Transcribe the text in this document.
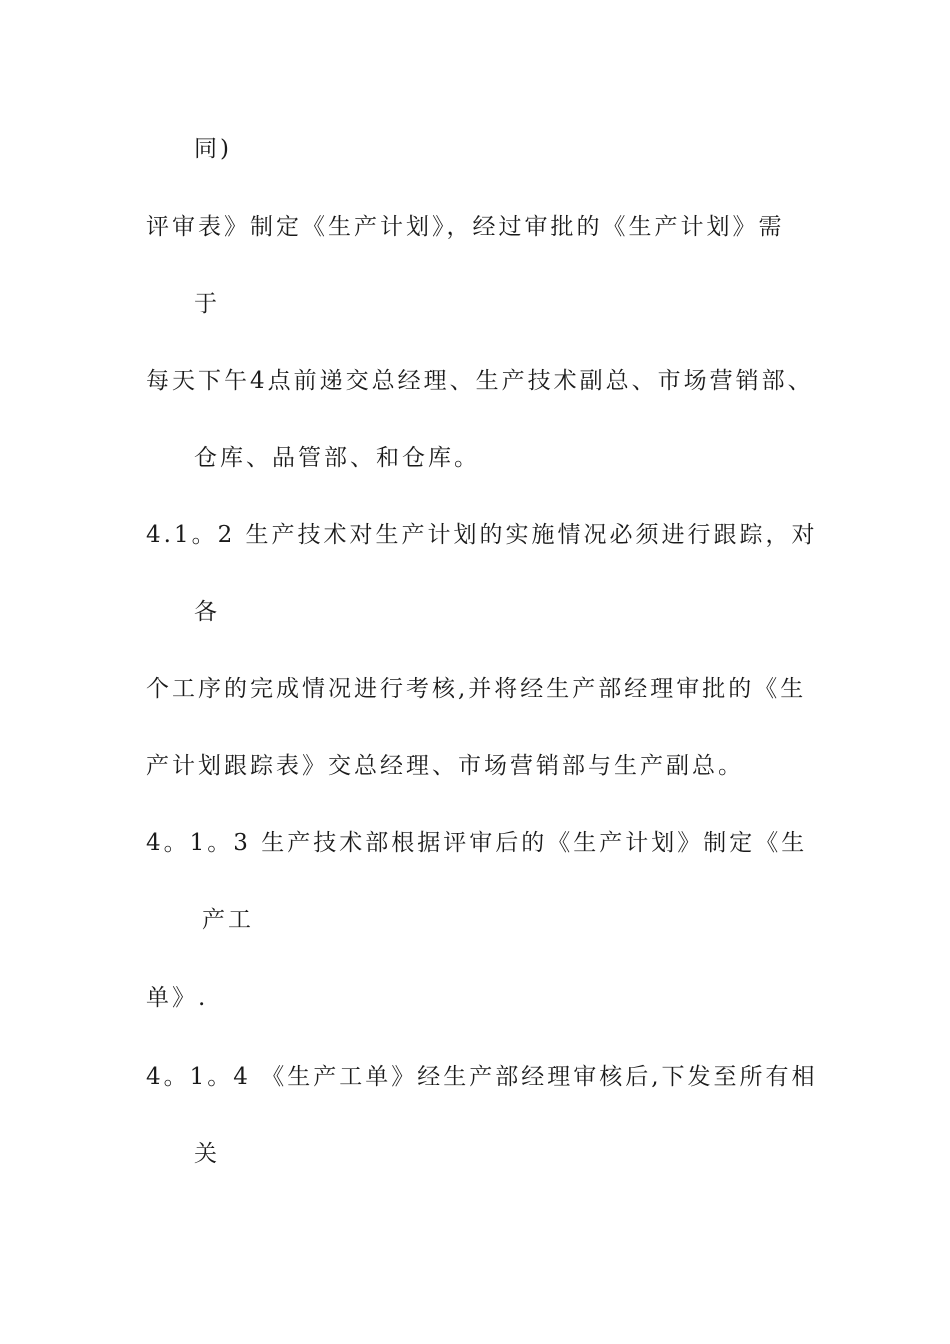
同)
评审表》制定《生产计划》，经过审批的《生产计划》需
于
每天下午4点前递交总经理、生产技术副总、市场营销部、
仓库、品管部、和仓库。
4.1。2 生产技术对生产计划的实施情况必须进行跟踪，对
各
个工序的完成情况进行考核,并将经生产部经理审批的《生
产计划跟踪表》交总经理、市场营销部与生产副总。
4。1。3 生产技术部根据评审后的《生产计划》制定《生
产工
单》.
4。1。4 《生产工单》经生产部经理审核后,下发至所有相
关
